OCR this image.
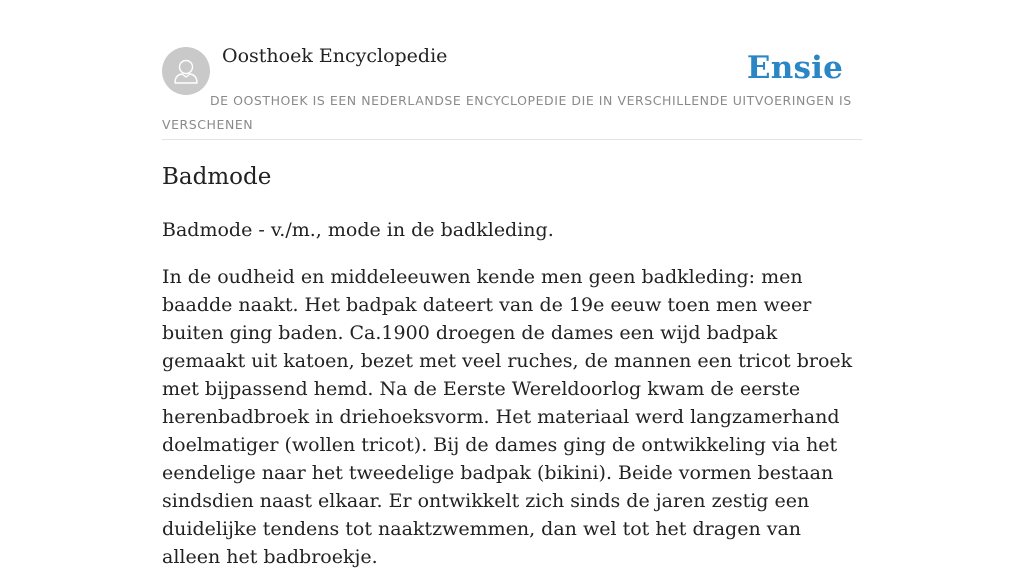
Oosthoek Encyclopedie	Ensie
DE OOSTHOEK IS EEN NEDERLANDSE ENCYCLOPEDIE DIE IN VERSCHILLENDE UITVOERINGEN IS VERSCHENEN
Badmode

Badmode - v./m., mode in de badkleding.

In de oudheid en middeleeuwen kende men geen badkleding: men baadde naakt. Het badpak dateert van de 19e eeuw toen men weer buiten ging baden. Ca.1900 droegen de dames een wijd badpak gemaakt uit katoen, bezet met veel ruches, de mannen een tricot broek met bijpassend hemd. Na de Eerste Wereldoorlog kwam de eerste herenbadbroek in driehoeksvorm. Het materiaal werd langzamerhand doelmatiger (wollen tricot). Bij de dames ging de ontwikkeling via het eendelige naar het tweedelige badpak (bikini). Beide vormen bestaan sindsdien naast elkaar. Er ontwikkelt zich sinds de jaren zestig een duidelijke tendens tot naaktzwemmen, dan wel tot het dragen van alleen het badbroekje.
